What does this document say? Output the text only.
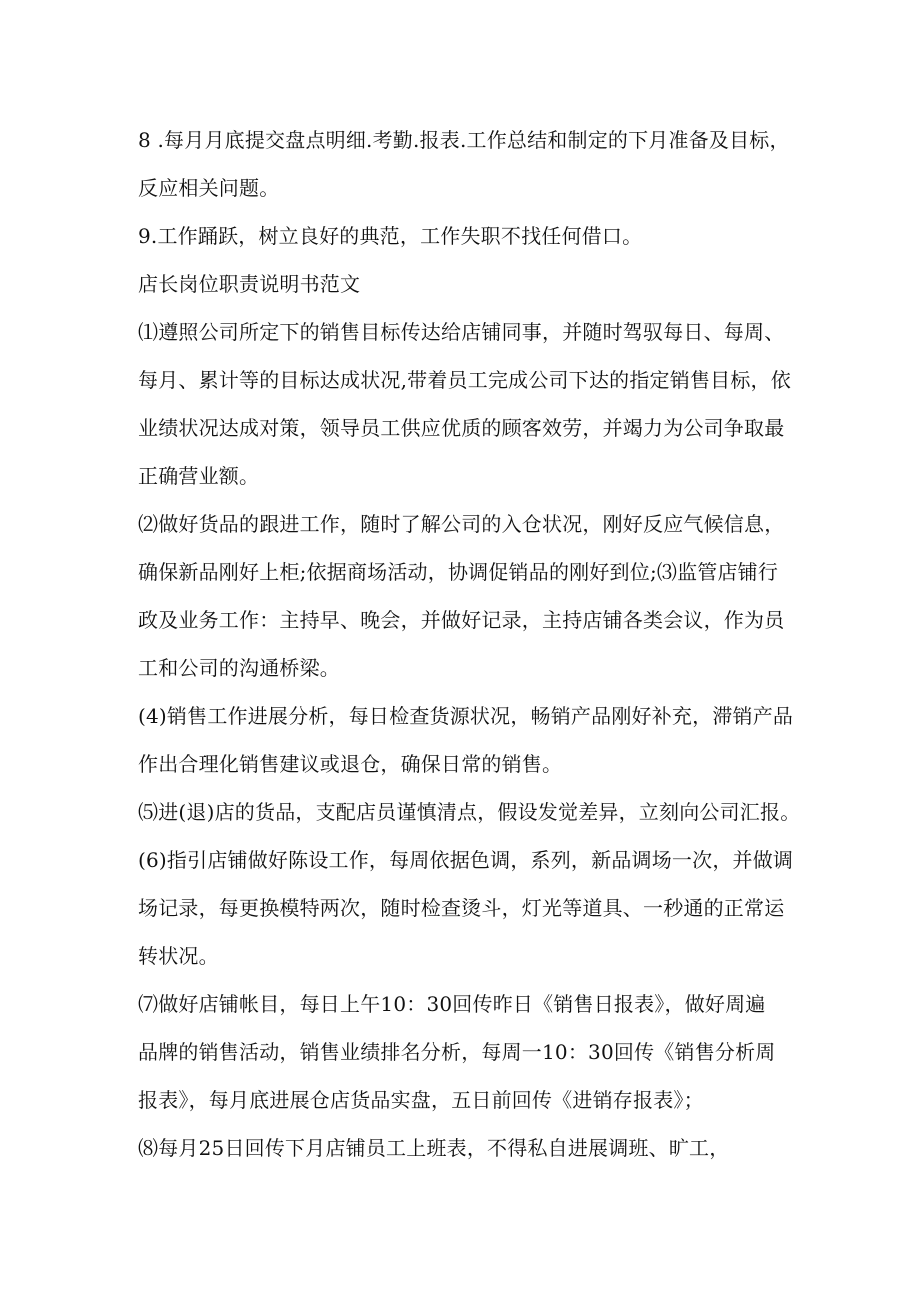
8 .每月月底提交盘点明细.考勤.报表.工作总结和制定的下月准备及目标，
反应相关问题。
9.工作踊跃，树立良好的典范，工作失职不找任何借口。
店长岗位职责说明书范文
⑴遵照公司所定下的销售目标传达给店铺同事，并随时驾驭每日、每周、
每月、累计等的目标达成状况,带着员工完成公司下达的指定销售目标，依
业绩状况达成对策，领导员工供应优质的顾客效劳，并竭力为公司争取最
正确营业额。
⑵做好货品的跟进工作，随时了解公司的入仓状况，刚好反应气候信息，
确保新品刚好上柜;依据商场活动，协调促销品的刚好到位;⑶监管店铺行
政及业务工作：主持早、晚会，并做好记录，主持店铺各类会议，作为员
工和公司的沟通桥梁。
(4)销售工作进展分析，每日检查货源状况，畅销产品刚好补充，滞销产品
作出合理化销售建议或退仓，确保日常的销售。
⑸进(退)店的货品，支配店员谨慎清点，假设发觉差异，立刻向公司汇报。
(6)指引店铺做好陈设工作，每周依据色调，系列，新品调场一次，并做调
场记录，每更换模特两次，随时检查烫斗，灯光等道具、一秒通的正常运
转状况。
⑺做好店铺帐目，每日上午10：30回传昨日《销售日报表》，做好周遍
品牌的销售活动，销售业绩排名分析，每周一10：30回传《销售分析周
报表》，每月底进展仓店货品实盘，五日前回传《进销存报表》；
⑻每月25日回传下月店铺员工上班表，不得私自进展调班、旷工，
